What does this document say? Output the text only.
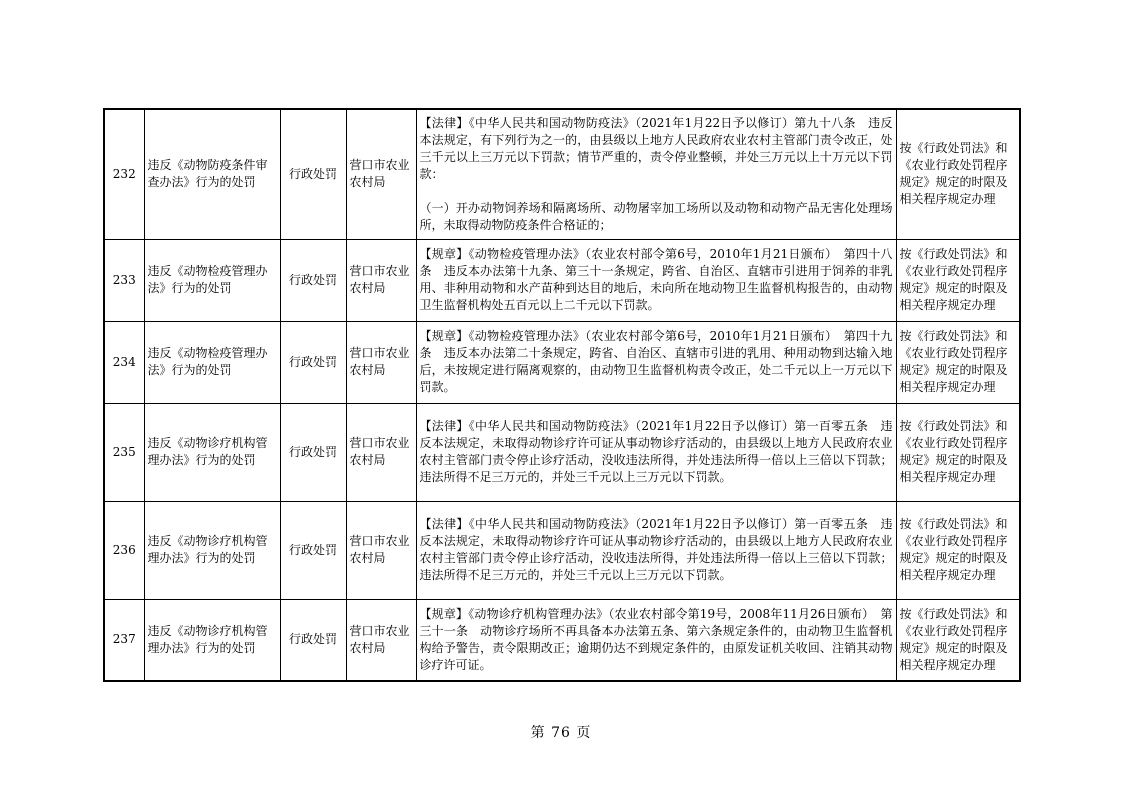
232	违反《动物防疫条件审查办法》行为的处罚	行政处罚	营口市农业农村局	【法律】《中华人民共和国动物防疫法》（2021年1月22日予以修订）第九十八条　违反本法规定，有下列行为之一的，由县级以上地方人民政府农业农村主管部门责令改正，处三千元以上三万元以下罚款；情节严重的，责令停业整顿，并处三万元以上十万元以下罚款：

（一）开办动物饲养场和隔离场所、动物屠宰加工场所以及动物和动物产品无害化处理场所，未取得动物防疫条件合格证的；	按《行政处罚法》和《农业行政处罚程序规定》规定的时限及相关程序规定办理
233	违反《动物检疫管理办法》行为的处罚	行政处罚	营口市农业农村局	【规章】《动物检疫管理办法》（农业农村部令第6号，2010年1月21日颁布）　第四十八条　违反本办法第十九条、第三十一条规定，跨省、自治区、直辖市引进用于饲养的非乳用、非种用动物和水产苗种到达目的地后，未向所在地动物卫生监督机构报告的，由动物卫生监督机构处五百元以上二千元以下罚款。	按《行政处罚法》和《农业行政处罚程序规定》规定的时限及相关程序规定办理
234	违反《动物检疫管理办法》行为的处罚	行政处罚	营口市农业农村局	【规章】《动物检疫管理办法》（农业农村部令第6号，2010年1月21日颁布）　第四十九条　违反本办法第二十条规定，跨省、自治区、直辖市引进的乳用、种用动物到达输入地后，未按规定进行隔离观察的，由动物卫生监督机构责令改正，处二千元以上一万元以下罚款。	按《行政处罚法》和《农业行政处罚程序规定》规定的时限及相关程序规定办理
235	违反《动物诊疗机构管理办法》行为的处罚	行政处罚	营口市农业农村局	【法律】《中华人民共和国动物防疫法》（2021年1月22日予以修订）第一百零五条　违反本法规定，未取得动物诊疗许可证从事动物诊疗活动的，由县级以上地方人民政府农业农村主管部门责令停止诊疗活动，没收违法所得，并处违法所得一倍以上三倍以下罚款；违法所得不足三万元的，并处三千元以上三万元以下罚款。	按《行政处罚法》和《农业行政处罚程序规定》规定的时限及相关程序规定办理
236	违反《动物诊疗机构管理办法》行为的处罚	行政处罚	营口市农业农村局	【法律】《中华人民共和国动物防疫法》（2021年1月22日予以修订）第一百零五条　违反本法规定，未取得动物诊疗许可证从事动物诊疗活动的，由县级以上地方人民政府农业农村主管部门责令停止诊疗活动，没收违法所得，并处违法所得一倍以上三倍以下罚款；违法所得不足三万元的，并处三千元以上三万元以下罚款。	按《行政处罚法》和《农业行政处罚程序规定》规定的时限及相关程序规定办理
237	违反《动物诊疗机构管理办法》行为的处罚	行政处罚	营口市农业农村局	【规章】《动物诊疗机构管理办法》（农业农村部令第19号，2008年11月26日颁布）　第三十一条　动物诊疗场所不再具备本办法第五条、第六条规定条件的，由动物卫生监督机构给予警告，责令限期改正；逾期仍达不到规定条件的，由原发证机关收回、注销其动物诊疗许可证。	按《行政处罚法》和《农业行政处罚程序规定》规定的时限及相关程序规定办理
第 76 页
